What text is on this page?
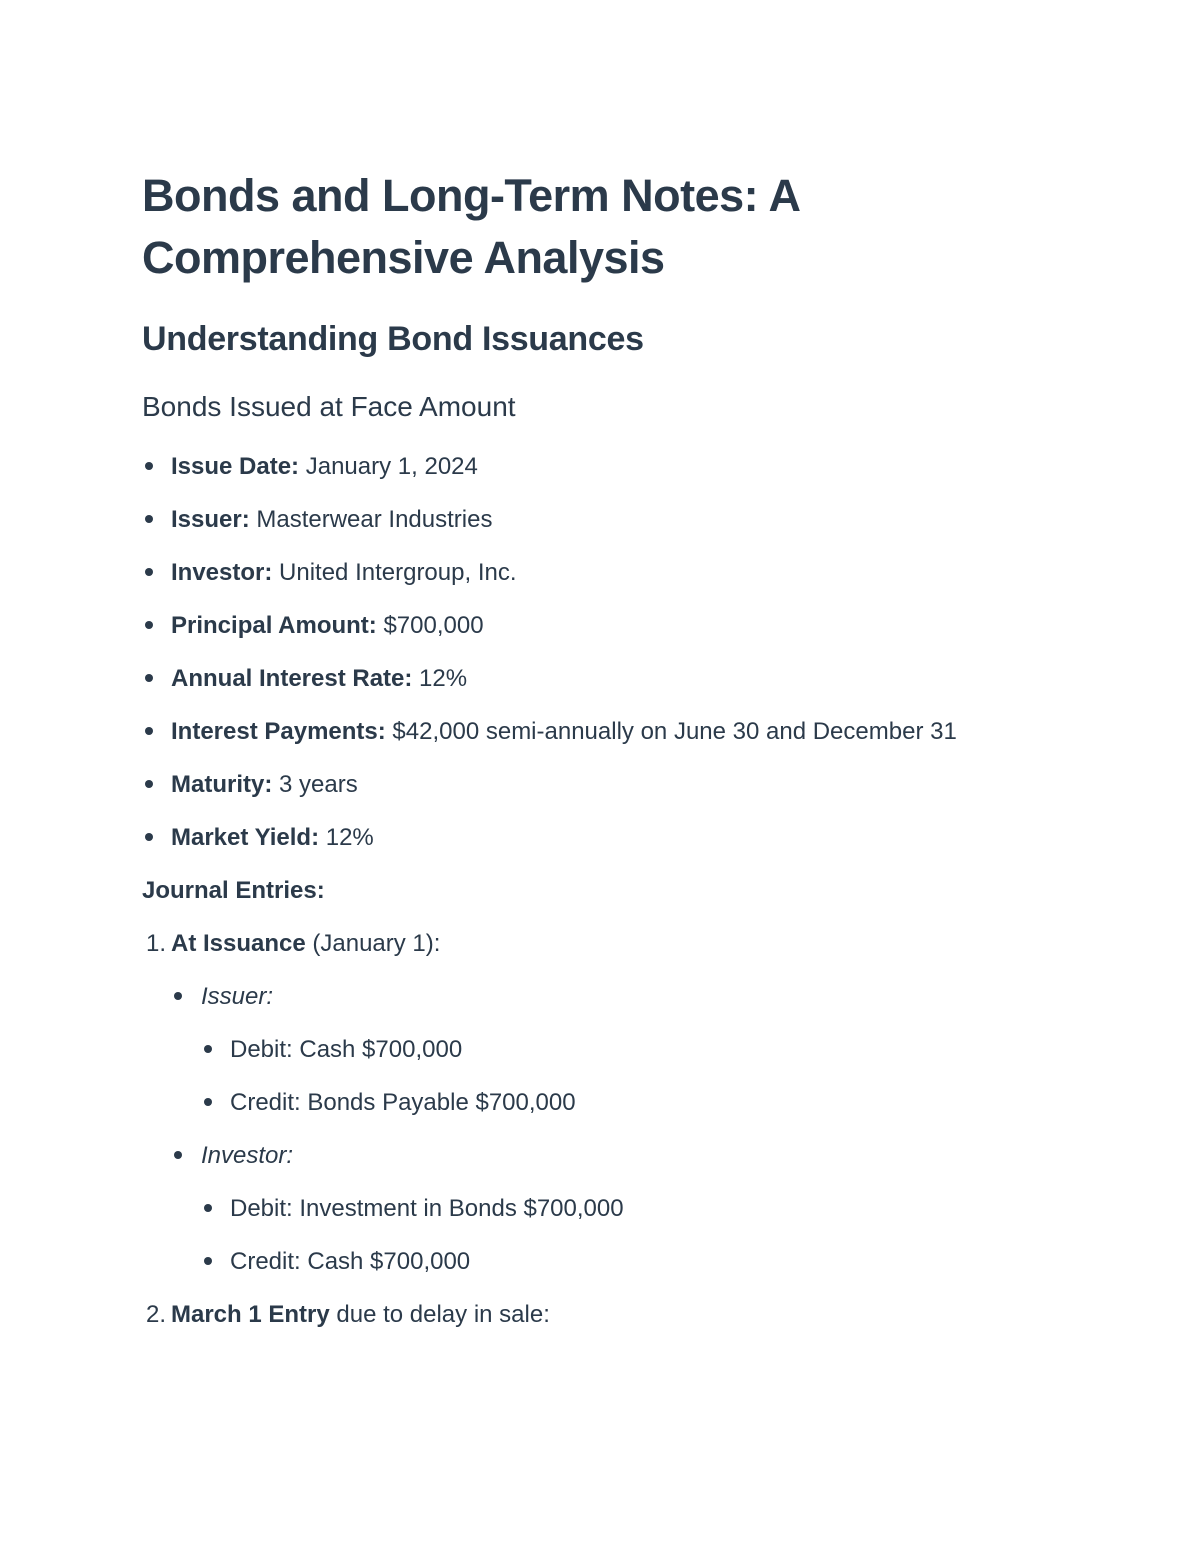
Bonds and Long-Term Notes: A Comprehensive Analysis
Understanding Bond Issuances
Bonds Issued at Face Amount
Issue Date: January 1, 2024
Issuer: Masterwear Industries
Investor: United Intergroup, Inc.
Principal Amount: $700,000
Annual Interest Rate: 12%
Interest Payments: $42,000 semi-annually on June 30 and December 31
Maturity: 3 years
Market Yield: 12%
Journal Entries:
1. At Issuance (January 1):
Issuer:
Debit: Cash $700,000
Credit: Bonds Payable $700,000
Investor:
Debit: Investment in Bonds $700,000
Credit: Cash $700,000
2. March 1 Entry due to delay in sale:
